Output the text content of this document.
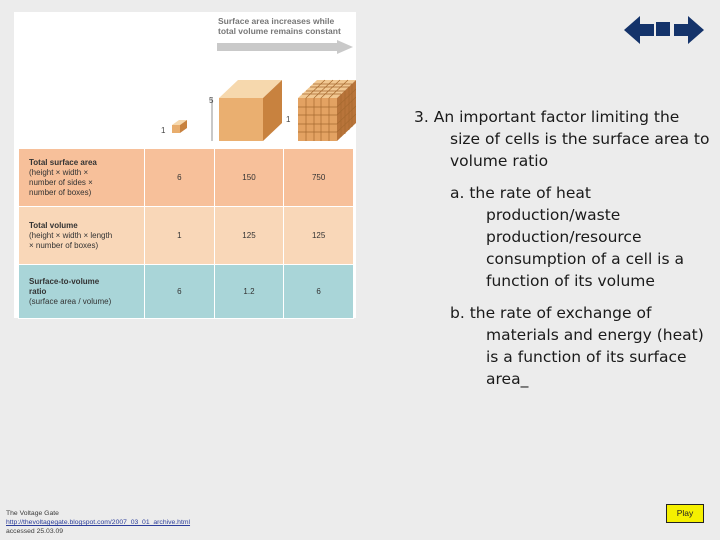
Surface area increases while
total volume remains constant
1
5
1
Total surface area
(height × width ×
number of sides ×
number of boxes)	6	150	750
Total volume
(height × width × length
× number of boxes)	1	125	125
Surface-to-volume
ratio
(surface area / volume)	6	1.2	6

3. An important factor limiting the size of cells is the surface area to volume ratio

a. the rate of heat production/waste production/resource consumption of a cell is a function of its volume

b. the rate of exchange of materials and energy (heat) is a function of its surface area_

The Voltage Gate
http://thevoltagegate.blogspot.com/2007_03_01_archive.html
accessed 25.03.09
Play
